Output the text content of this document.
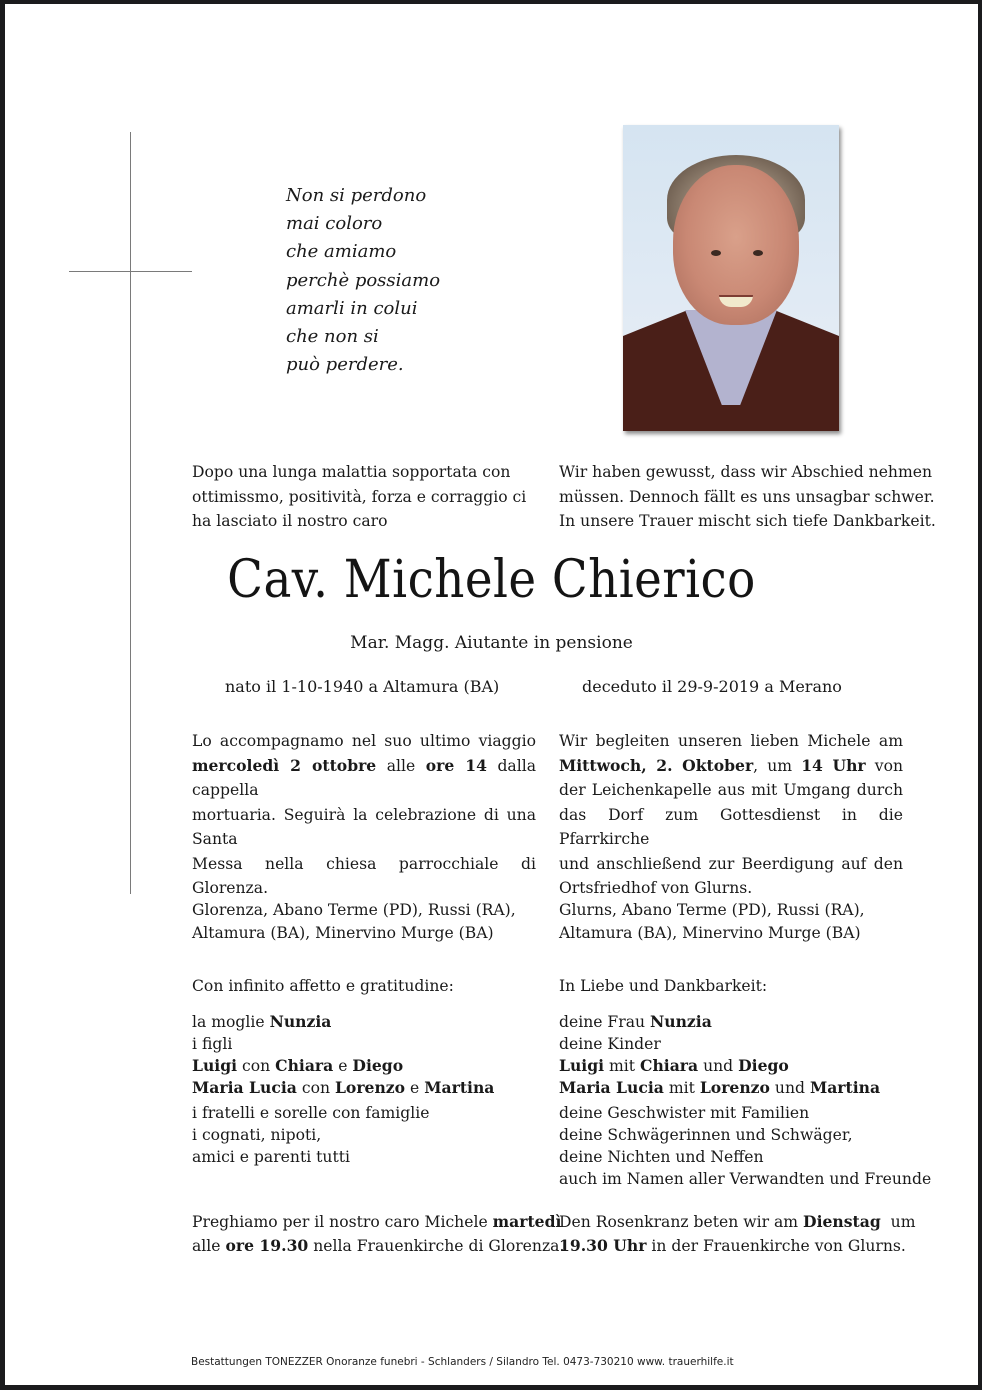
Non si perdono
mai coloro
che amiamo
perchè possiamo
amarli in colui
che non si
può perdere.
Dopo una lunga malattia sopportata con
ottimissmo, positività, forza e corraggio ci
ha lasciato il nostro caro
Wir haben gewusst, dass wir Abschied nehmen
müssen. Dennoch fällt es uns unsagbar schwer.
In unsere Trauer mischt sich tiefe Dankbarkeit.
Cav. Michele Chierico
Mar. Magg. Aiutante in pensione
nato il 1-10-1940 a Altamura (BA)	deceduto il 29-9-2019 a Merano
Lo accompagnamo nel suo ultimo viaggio
mercoledì 2 ottobre alle ore 14 dalla cappella
mortuaria. Seguirà la celebrazione di una Santa
Messa nella chiesa parrocchiale di Glorenza.
Wir begleiten unseren lieben Michele am
Mittwoch, 2. Oktober, um 14 Uhr von
der Leichenkapelle aus mit Umgang durch
das Dorf zum Gottesdienst in die Pfarrkirche
und anschließend zur Beerdigung auf den
Ortsfriedhof von Glurns.
Glorenza, Abano Terme (PD), Russi (RA),
Altamura (BA), Minervino Murge (BA)
Glurns, Abano Terme (PD), Russi (RA),
Altamura (BA), Minervino Murge (BA)
Con infinito affetto e gratitudine:	In Liebe und Dankbarkeit:
la moglie Nunzia
i figli
Luigi con Chiara e Diego
Maria Lucia con Lorenzo e Martina
i fratelli e sorelle con famiglie
i cognati, nipoti,
amici e parenti tutti
deine Frau Nunzia
deine Kinder
Luigi mit Chiara und Diego
Maria Lucia mit Lorenzo und Martina
deine Geschwister mit Familien
deine Schwägerinnen und Schwäger,
deine Nichten und Neffen
auch im Namen aller Verwandten und Freunde
Preghiamo per il nostro caro Michele martedì
alle ore 19.30 nella Frauenkirche di Glorenza.
Den Rosenkranz beten wir am Dienstag  um
19.30 Uhr in der Frauenkirche von Glurns.
Bestattungen TONEZZER Onoranze funebri - Schlanders / Silandro Tel. 0473-730210 www. trauerhilfe.it
